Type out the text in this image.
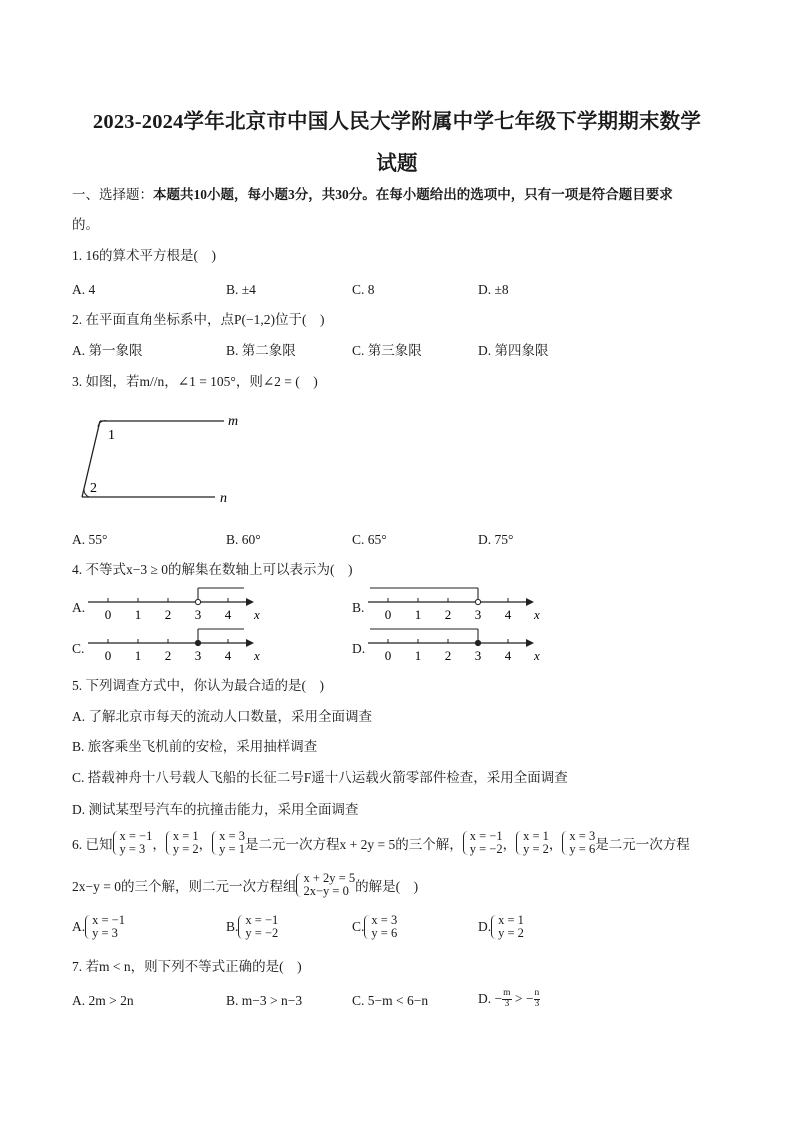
2023-2024学年北京市中国人民大学附属中学七年级下学期期末数学
试题
一、选择题：本题共10小题，每小题3分，共30分。在每小题给出的选项中，只有一项是符合题目要求
的。
1. 16的算术平方根是(　)
A. 4	B. ±4	C. 8	D. ±8
2. 在平面直角坐标系中，点P(−1,2)位于(　)
A. 第一象限	B. 第二象限	C. 第三象限	D. 第四象限
3. 如图，若m//n，∠1 = 105°，则∠2 = (　)
1
2
m
n
A. 55°	B. 60°	C. 65°	D. 75°
4. 不等式x−3 ≥ 0的解集在数轴上可以表示为(　)
A. 0 1 2 3 4 x	B. 0 1 2 3 4 x
C. 0 1 2 3 4 x	D. 0 1 2 3 4 x
5. 下列调查方式中，你认为最合适的是(　)
A. 了解北京市每天的流动人口数量，采用全面调查
B. 旅客乘坐飞机前的安检，采用抽样调查
C. 搭载神舟十八号载人飞船的长征二号F遥十八运载火箭零部件检查，采用全面调查
D. 测试某型号汽车的抗撞击能力，采用全面调查
6. 已知
x = −1
y = 3 ，
x = 1
y = 2 ，
x = 3
y = 1 是二元一次方程x + 2y = 5的三个解，
x = −1
y = −2 ，
x = 1
y = 2 ，
x = 3
y = 6 是二元一次方程
2x−y = 0的三个解，则二元一次方程组
x + 2y = 5
2x−y = 0 的解是(　)
A. x = −1
y = 3	B. x = −1
y = −2	C. x = 3
y = 6	D. x = 1
y = 2
7. 若m < n，则下列不等式正确的是(　)
A. 2m > 2n	B. m−3 > n−3	C. 5−m < 6−n	D. − $\frac{m}{3}$ > − $\frac{n}{3}$
